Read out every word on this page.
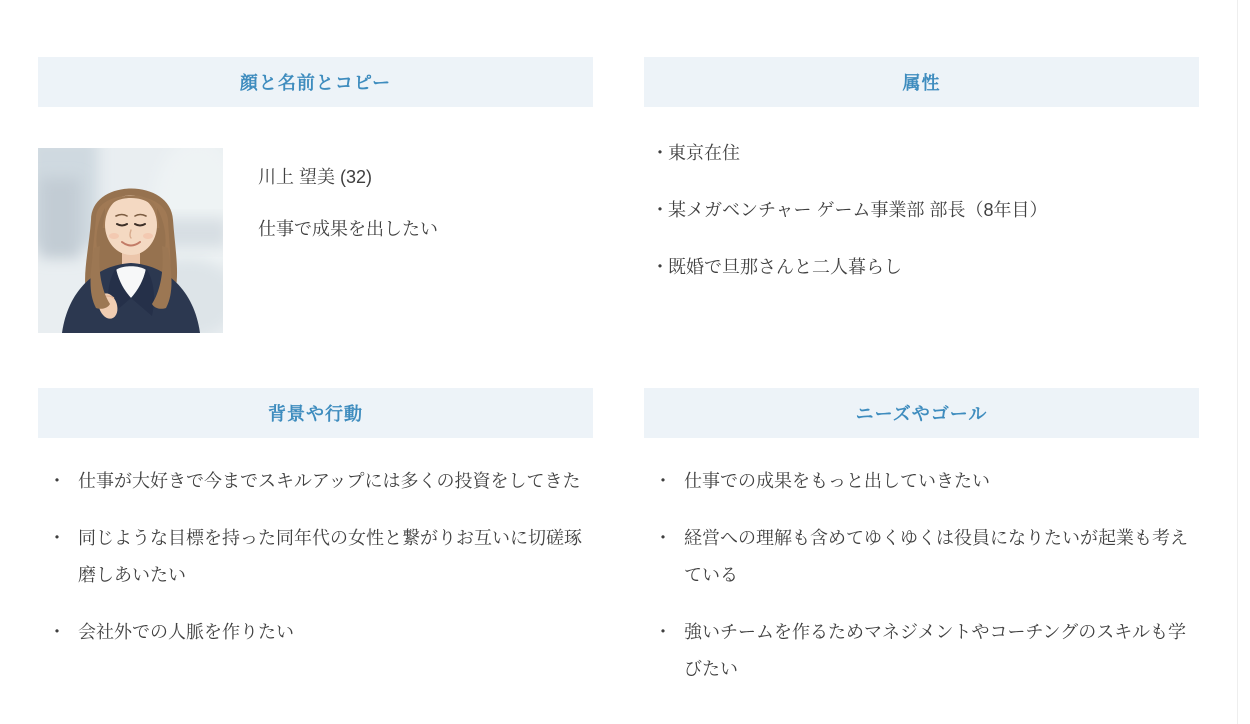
顔と名前とコピー	属性
背景や行動	ニーズやゴール

川上 望美 (32)

仕事で成果を出したい

・ 東京在住
・ 某メガベンチャー ゲーム事業部 部長（8年目）
・ 既婚で旦那さんと二人暮らし
・ 仕事が大好きで今までスキルアップには多くの投資をしてきた
・ 同じような目標を持った同年代の女性と繋がりお互いに切磋琢磨しあいたい
・ 会社外での人脈を作りたい
・ 仕事での成果をもっと出していきたい
・ 経営への理解も含めてゆくゆくは役員になりたいが起業も考えている
・ 強いチームを作るためマネジメントやコーチングのスキルも学びたい
